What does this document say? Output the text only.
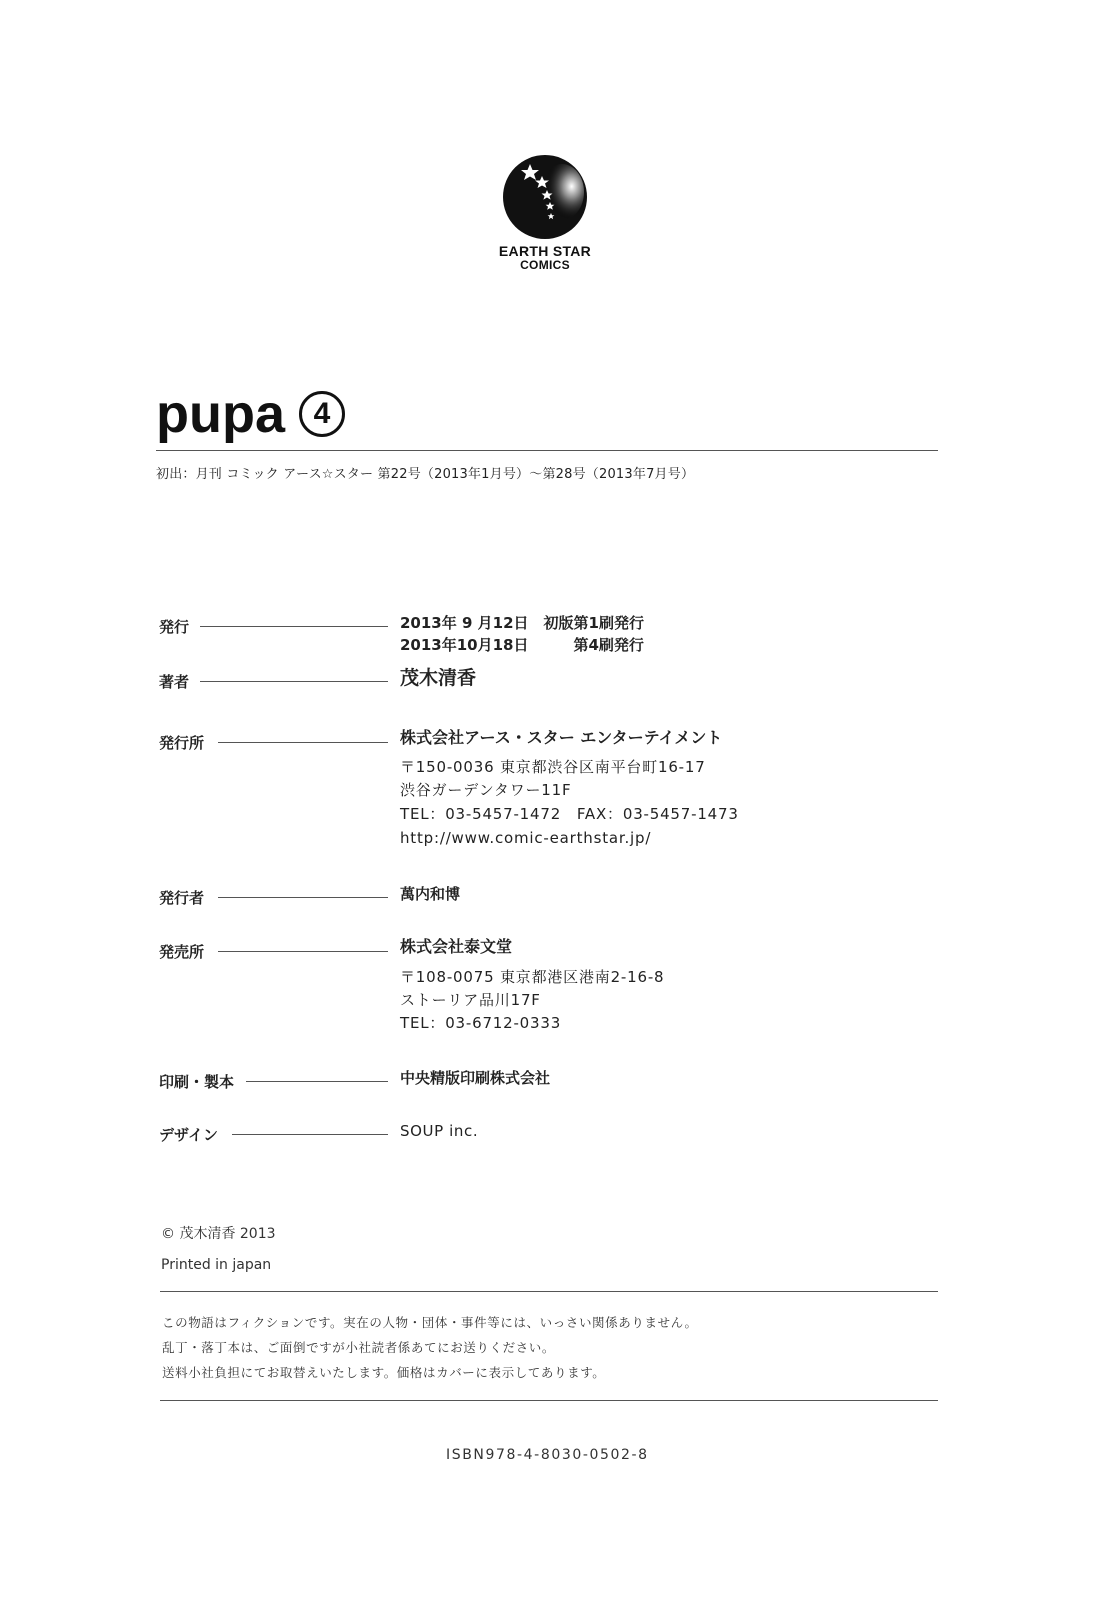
EARTH STAR
COMICS
pupa 4
初出：月刊 コミック アース☆スター 第22号（2013年1月号）～第28号（2013年7月号）
発行	2013年 9 月12日　初版第1刷発行
2013年10月18日　　　第4刷発行
著者	茂木清香
発行所	株式会社アース・スター エンターテイメント
〒150-0036 東京都渋谷区南平台町16-17
渋谷ガーデンタワー11F
TEL：03-5457-1472　FAX：03-5457-1473
http://www.comic-earthstar.jp/
発行者	萬内和博
発売所	株式会社泰文堂
〒108-0075 東京都港区港南2-16-8
ストーリア品川17F
TEL：03-6712-0333
印刷・製本	中央精版印刷株式会社
デザイン	SOUP inc.
© 茂木清香 2013
Printed in japan
この物語はフィクションです。実在の人物・団体・事件等には、いっさい関係ありません。
乱丁・落丁本は、ご面倒ですが小社読者係あてにお送りください。
送料小社負担にてお取替えいたします。価格はカバーに表示してあります。
ISBN978-4-8030-0502-8
